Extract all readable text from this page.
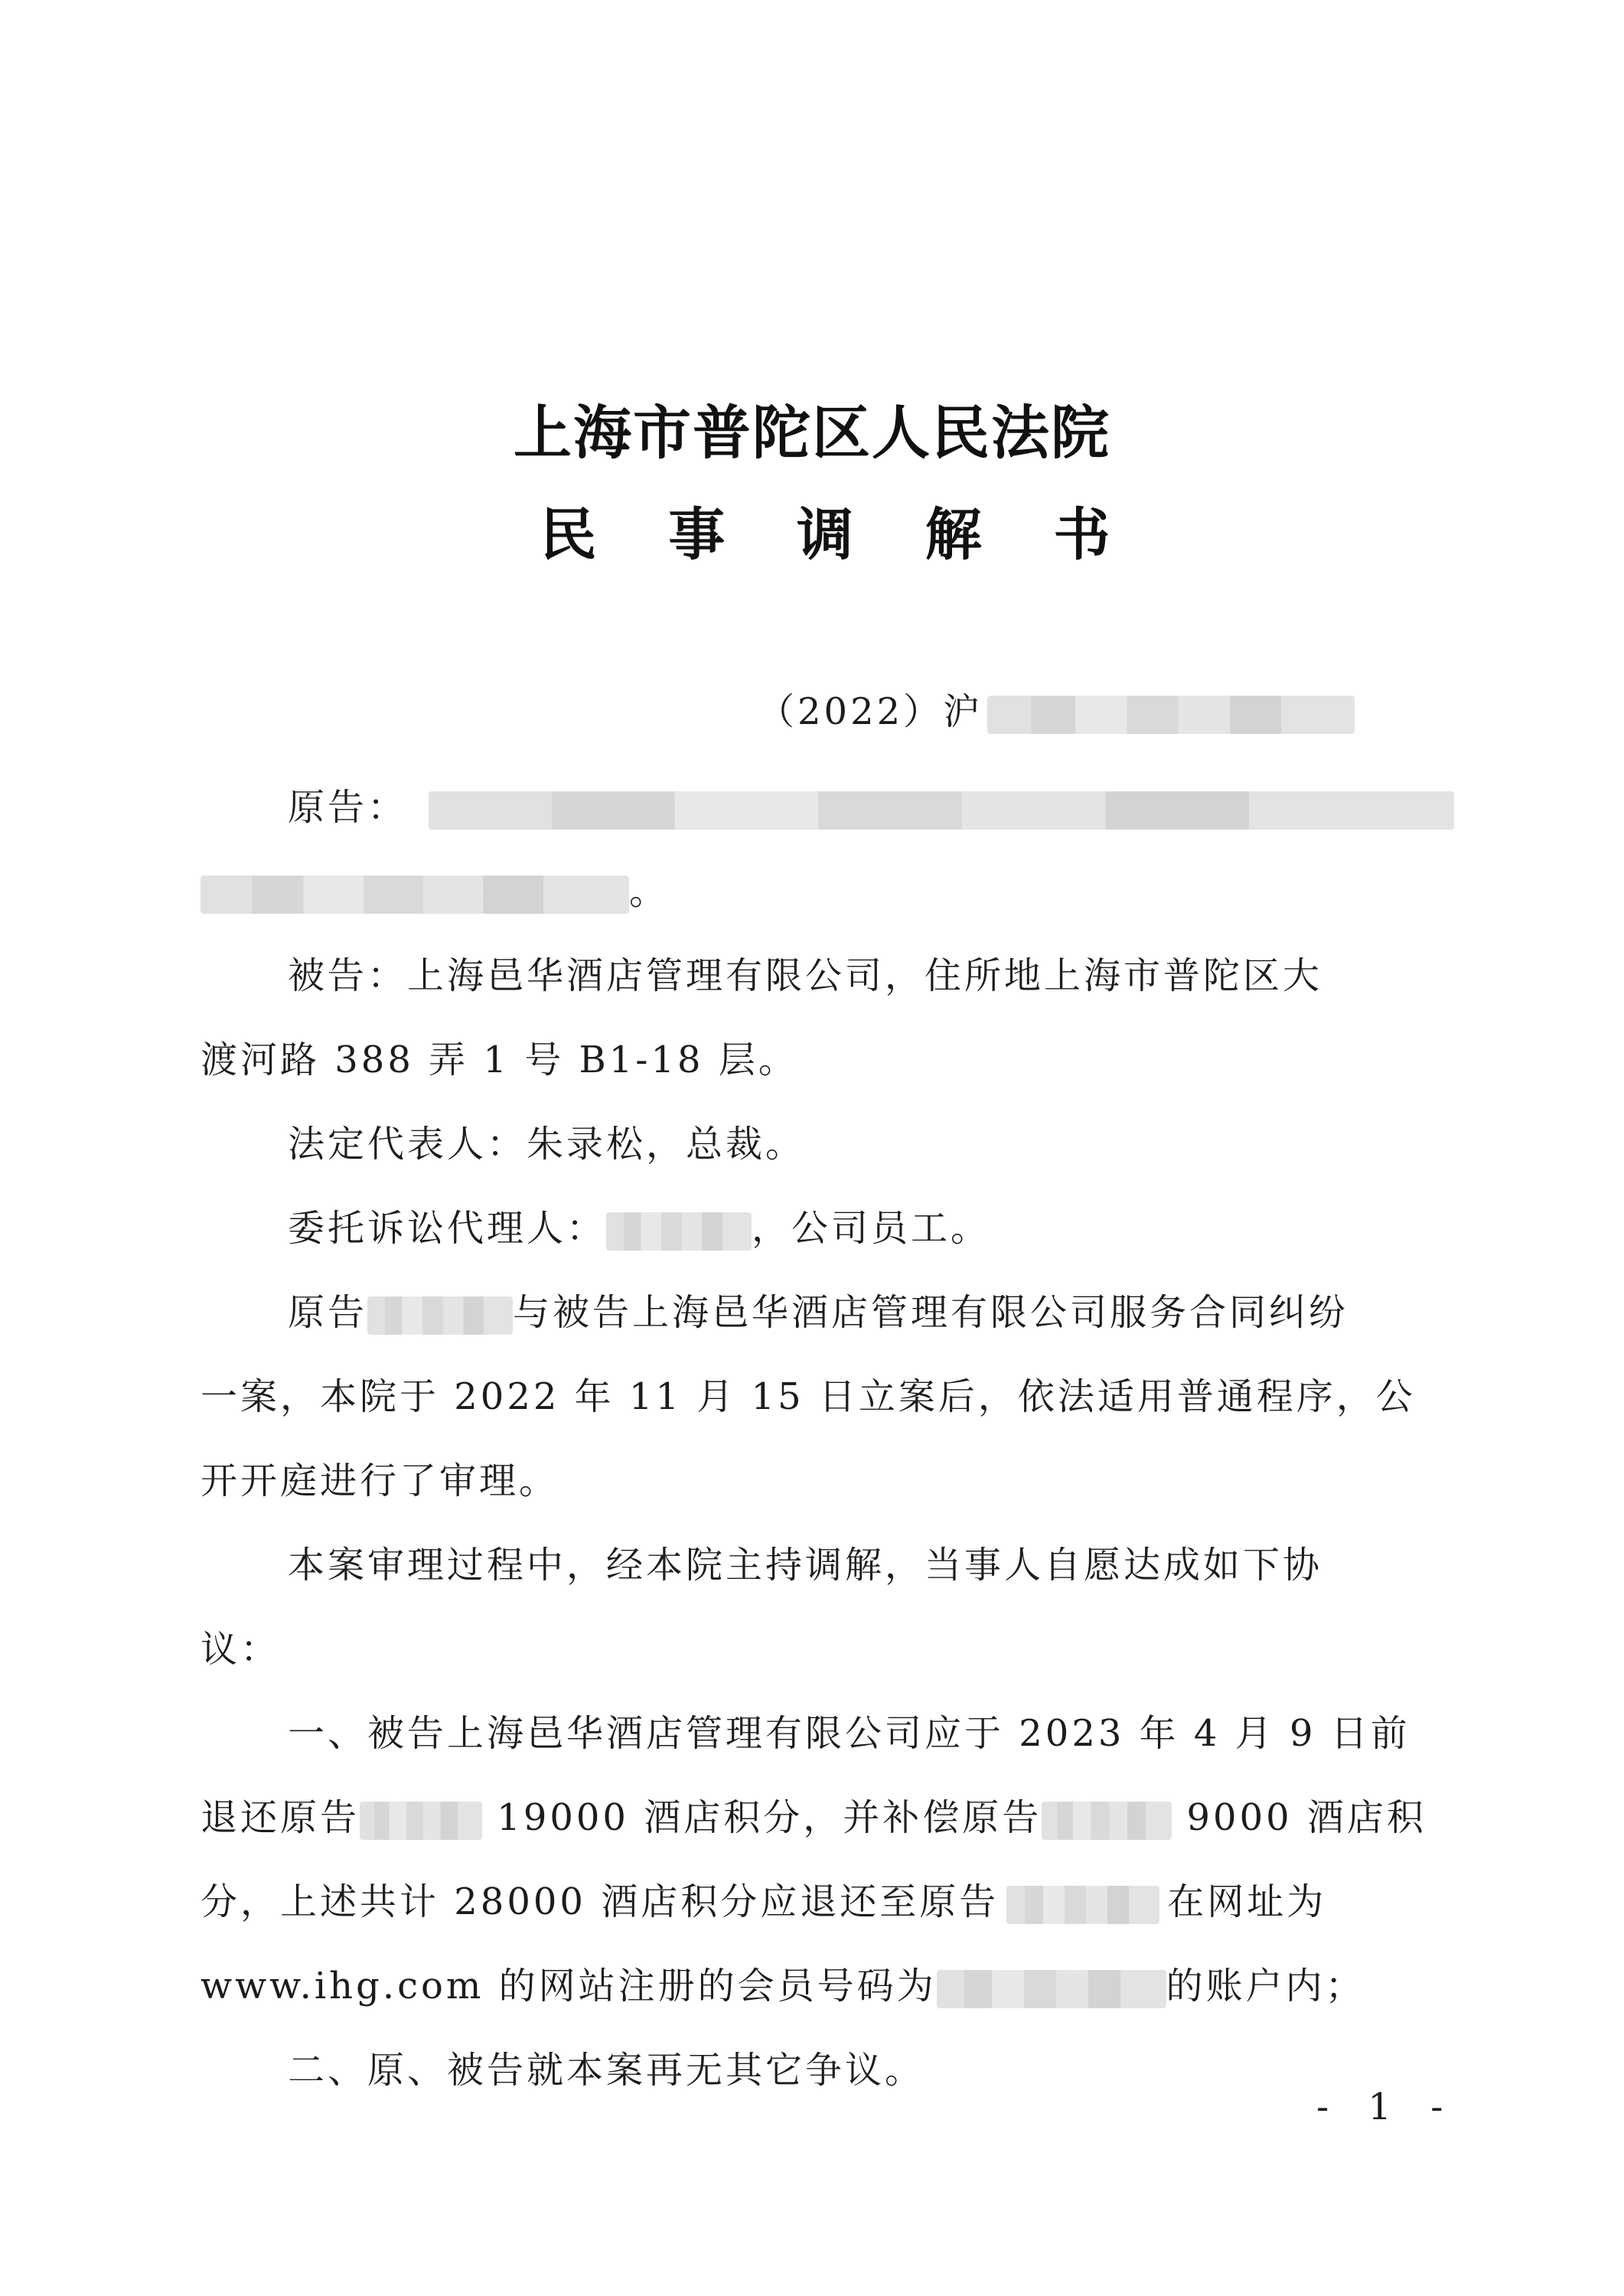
上海市普陀区人民法院
民 事 调 解 书
（2022）沪
原告：
。
被告：上海邑华酒店管理有限公司，住所地上海市普陀区大
渡河路 388 弄 1 号 B1-18 层。
法定代表人：朱录松，总裁。
委托诉讼代理人：	，公司员工。
原告	与被告上海邑华酒店管理有限公司服务合同纠纷
一案，本院于 2022 年 11 月 15 日立案后，依法适用普通程序，公
开开庭进行了审理。
本案审理过程中，经本院主持调解，当事人自愿达成如下协
议：
一、被告上海邑华酒店管理有限公司应于 2023 年 4 月 9 日前
退还原告	19000 酒店积分，并补偿原告	9000 酒店积
分，上述共计 28000 酒店积分应退还至原告	在网址为
www.ihg.com 的网站注册的会员号码为	的账户内；
二、原、被告就本案再无其它争议。
- 1 -
